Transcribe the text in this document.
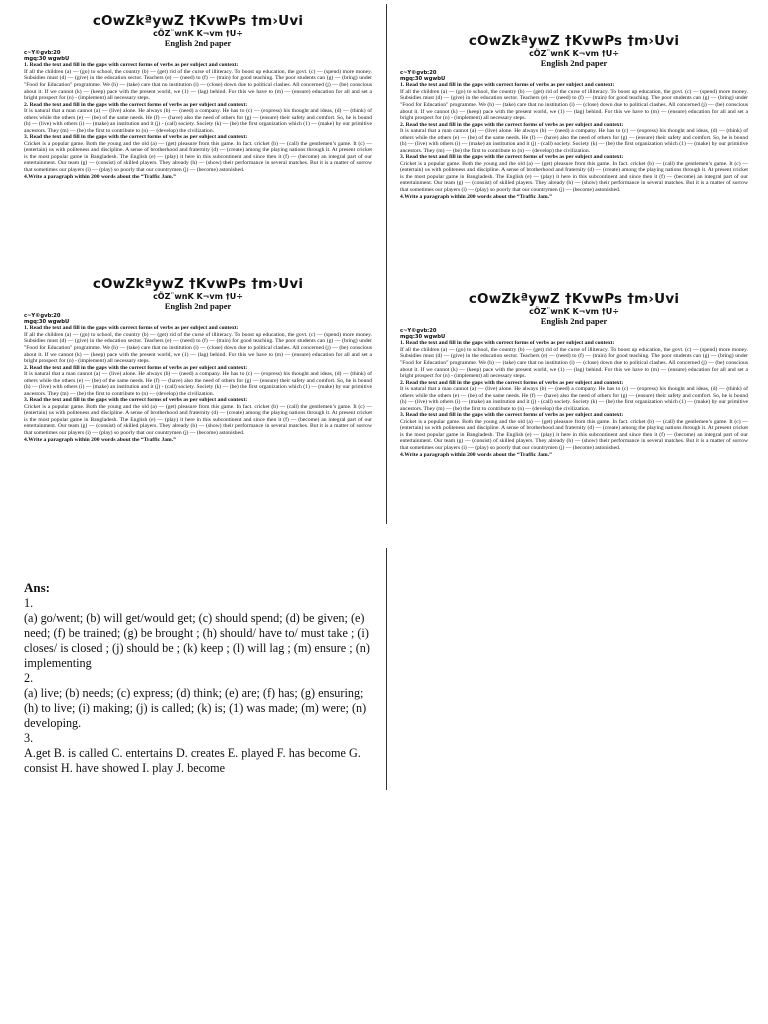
cÖwZkªywZ †KvwPs †m›Uvi
cÖZ¨wnK K¬vm †U÷
English 2nd paper
c~Y©gvb:20
mgq:30 wgwbU
1. Read the text and fill in the gaps with correct forms of verbs as per subject and context:
If all the children (a) — (go) to school, the country (b) — (get) rid of the curse of illiteracy. To boost up education, the govt. (c) — (spend) more money. Subsidies must (d) — (give) in the education sector. Teachers (e) — (need) to (f) — (train) for good teaching. The poor students can (g) — (bring) under "Food for Education" programme. We (h) — (take) care that no institution (i) — (close) down due to political clashes. All concerned (j) — (be) conscious about it. If we cannot (k) — (keep) pace with the present world, we (1) — (lag) behind. For this we have to (m) — (ensure) education for all and set a bright prospect for (n) - (implement) all necessary steps.
2. Read the text and fill in the gaps with the correct forms of verbs as per subject and context:
It is natural that a man cannot (a) — (live) alone. He always (b) — (need) a company. He has to (c) — (express) his thought and ideas, (d) — (think) of others while the others (e) — (be) of the same needs. He (f) — (have) also the need of others for (g) — (ensure) their safety and comfort. So, he is bound (h) — (live) with others (i) — (make) an institution and it (j) - (call) society. Society (k) — (be) the first organization which (1) — (make) by our primitive ancestors. They (m) — (be) the first to contribute to (n) — (develop) the civilization.
3. Read the text and fill in the gaps with the correct forms of verbs as per subject and context:
Cricket is a popular game. Both the young and the old (a) — (get) pleasure from this game. In fact. cricket (b) — (call) the gentlemen’s game. It (c) — (entertain) us with politeness and discipline. A sense of brotherhood and fraternity (d) — (create) among the playing nations through it. At present cricket is the most popular game in Bangladesh. The English (e) — (play) it here in this subcontinent and since then it (f) — (become) an integral part of our entertainment. Our team (g) — (consist) of skilled players. They already (h) — (show) their performance in several matches. But it is a matter of sorrow that sometimes our players (i) — (play) so poorly that our countrymen (j) — (become) astonished.
4.Write a paragraph within 200 words about the “Traffic Jam.”
cÖwZkªywZ †KvwPs †m›Uvi
cÖZ¨wnK K¬vm †U÷
English 2nd paper
c~Y©gvb:20
mgq:30 wgwbU
1. Read the text and fill in the gaps with correct forms of verbs as per subject and context:
If all the children (a) — (go) to school, the country (b) — (get) rid of the curse of illiteracy. To boost up education, the govt. (c) — (spend) more money. Subsidies must (d) — (give) in the education sector. Teachers (e) — (need) to (f) — (train) for good teaching. The poor students can (g) — (bring) under "Food for Education" programme. We (h) — (take) care that no institution (i) — (close) down due to political clashes. All concerned (j) — (be) conscious about it. If we cannot (k) — (keep) pace with the present world, we (1) — (lag) behind. For this we have to (m) — (ensure) education for all and set a bright prospect for (n) - (implement) all necessary steps.
2. Read the text and fill in the gaps with the correct forms of verbs as per subject and context:
It is natural that a man cannot (a) — (live) alone. He always (b) — (need) a company. He has to (c) — (express) his thought and ideas, (d) — (think) of others while the others (e) — (be) of the same needs. He (f) — (have) also the need of others for (g) — (ensure) their safety and comfort. So, he is bound (h) — (live) with others (i) — (make) an institution and it (j) - (call) society. Society (k) — (be) the first organization which (1) — (make) by our primitive ancestors. They (m) — (be) the first to contribute to (n) — (develop) the civilization.
3. Read the text and fill in the gaps with the correct forms of verbs as per subject and context:
Cricket is a popular game. Both the young and the old (a) — (get) pleasure from this game. In fact. cricket (b) — (call) the gentlemen’s game. It (c) — (entertain) us with politeness and discipline. A sense of brotherhood and fraternity (d) — (create) among the playing nations through it. At present cricket is the most popular game in Bangladesh. The English (e) — (play) it here in this subcontinent and since then it (f) — (become) an integral part of our entertainment. Our team (g) — (consist) of skilled players. They already (h) — (show) their performance in several matches. But it is a matter of sorrow that sometimes our players (i) — (play) so poorly that our countrymen (j) — (become) astonished.
4.Write a paragraph within 200 words about the “Traffic Jam.”
cÖwZkªywZ †KvwPs †m›Uvi
cÖZ¨wnK K¬vm †U÷
English 2nd paper
c~Y©gvb:20
mgq:30 wgwbU
1. Read the text and fill in the gaps with correct forms of verbs as per subject and context:
If all the children (a) — (go) to school, the country (b) — (get) rid of the curse of illiteracy. To boost up education, the govt. (c) — (spend) more money. Subsidies must (d) — (give) in the education sector. Teachers (e) — (need) to (f) — (train) for good teaching. The poor students can (g) — (bring) under "Food for Education" programme. We (h) — (take) care that no institution (i) — (close) down due to political clashes. All concerned (j) — (be) conscious about it. If we cannot (k) — (keep) pace with the present world, we (1) — (lag) behind. For this we have to (m) — (ensure) education for all and set a bright prospect for (n) - (implement) all necessary steps.
2. Read the text and fill in the gaps with the correct forms of verbs as per subject and context:
It is natural that a man cannot (a) — (live) alone. He always (b) — (need) a company. He has to (c) — (express) his thought and ideas, (d) — (think) of others while the others (e) — (be) of the same needs. He (f) — (have) also the need of others for (g) — (ensure) their safety and comfort. So, he is bound (h) — (live) with others (i) — (make) an institution and it (j) - (call) society. Society (k) — (be) the first organization which (1) — (make) by our primitive ancestors. They (m) — (be) the first to contribute to (n) — (develop) the civilization.
3. Read the text and fill in the gaps with the correct forms of verbs as per subject and context:
Cricket is a popular game. Both the young and the old (a) — (get) pleasure from this game. In fact. cricket (b) — (call) the gentlemen’s game. It (c) — (entertain) us with politeness and discipline. A sense of brotherhood and fraternity (d) — (create) among the playing nations through it. At present cricket is the most popular game in Bangladesh. The English (e) — (play) it here in this subcontinent and since then it (f) — (become) an integral part of our entertainment. Our team (g) — (consist) of skilled players. They already (h) — (show) their performance in several matches. But it is a matter of sorrow that sometimes our players (i) — (play) so poorly that our countrymen (j) — (become) astonished.
4.Write a paragraph within 200 words about the “Traffic Jam.”
cÖwZkªywZ †KvwPs †m›Uvi
cÖZ¨wnK K¬vm †U÷
English 2nd paper
c~Y©gvb:20
mgq:30 wgwbU
1. Read the text and fill in the gaps with correct forms of verbs as per subject and context:
If all the children (a) — (go) to school, the country (b) — (get) rid of the curse of illiteracy. To boost up education, the govt. (c) — (spend) more money. Subsidies must (d) — (give) in the education sector. Teachers (e) — (need) to (f) — (train) for good teaching. The poor students can (g) — (bring) under "Food for Education" programme. We (h) — (take) care that no institution (i) — (close) down due to political clashes. All concerned (j) — (be) conscious about it. If we cannot (k) — (keep) pace with the present world, we (1) — (lag) behind. For this we have to (m) — (ensure) education for all and set a bright prospect for (n) - (implement) all necessary steps.
2. Read the text and fill in the gaps with the correct forms of verbs as per subject and context:
It is natural that a man cannot (a) — (live) alone. He always (b) — (need) a company. He has to (c) — (express) his thought and ideas, (d) — (think) of others while the others (e) — (be) of the same needs. He (f) — (have) also the need of others for (g) — (ensure) their safety and comfort. So, he is bound (h) — (live) with others (i) — (make) an institution and it (j) - (call) society. Society (k) — (be) the first organization which (1) — (make) by our primitive ancestors. They (m) — (be) the first to contribute to (n) — (develop) the civilization.
3. Read the text and fill in the gaps with the correct forms of verbs as per subject and context:
Cricket is a popular game. Both the young and the old (a) — (get) pleasure from this game. In fact. cricket (b) — (call) the gentlemen’s game. It (c) — (entertain) us with politeness and discipline. A sense of brotherhood and fraternity (d) — (create) among the playing nations through it. At present cricket is the most popular game in Bangladesh. The English (e) — (play) it here in this subcontinent and since then it (f) — (become) an integral part of our entertainment. Our team (g) — (consist) of skilled players. They already (h) — (show) their performance in several matches. But it is a matter of sorrow that sometimes our players (i) — (play) so poorly that our countrymen (j) — (become) astonished.
4.Write a paragraph within 200 words about the “Traffic Jam.”
Ans:
1.
(a) go/went; (b) will get/would get; (c) should spend; (d) be given; (e) need; (f) be trained; (g) be brought ; (h) should/ have to/ must take ; (i) closes/ is closed ; (j) should be ; (k) keep ; (l) will lag ; (m) ensure ; (n) implementing
2.
(a) live; (b) needs; (c) express; (d) think; (e) are; (f) has; (g) ensuring; (h) to live; (i) making; (j) is called; (k) is; (1) was made; (m) were; (n) developing.
3.
A.get B. is called C. entertains D. creates E. played F. has become G. consist H. have showed I. play J. become
